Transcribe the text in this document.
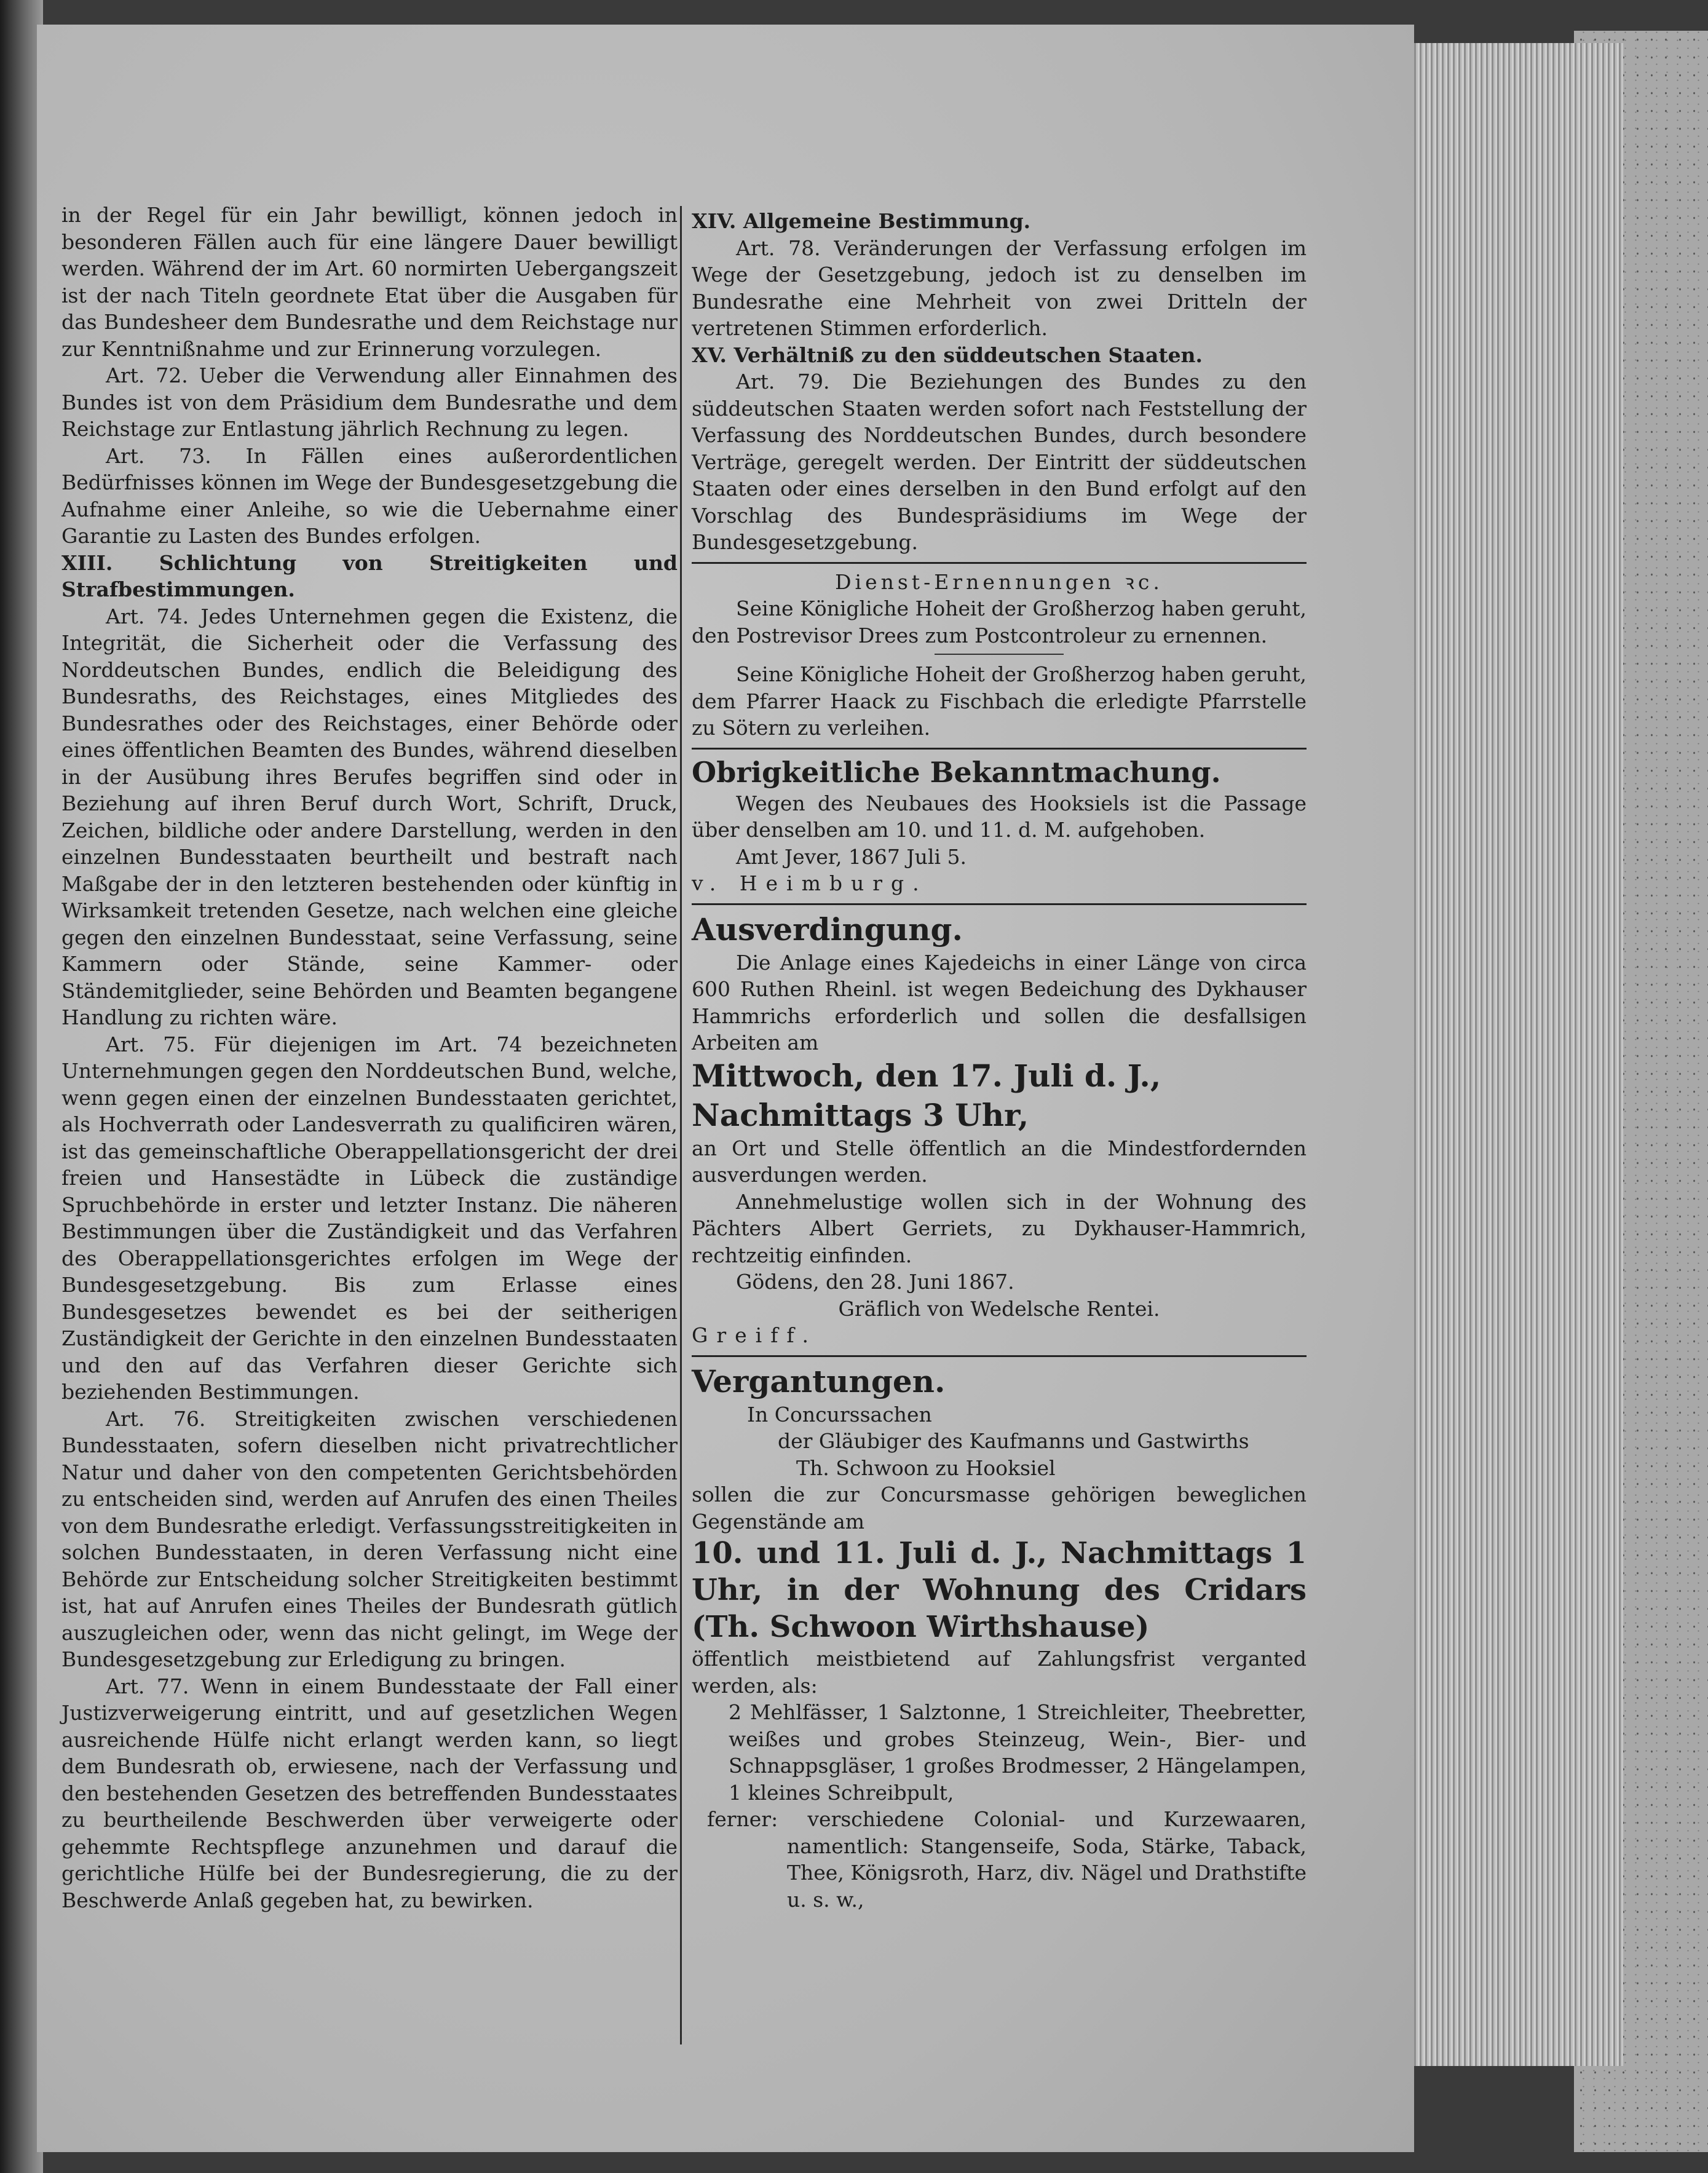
in der Regel für ein Jahr bewilligt, können jedoch in besonderen Fällen auch für eine längere Dauer bewilligt werden. Während der im Art. 60 normirten Uebergangszeit ist der nach Titeln geordnete Etat über die Ausgaben für das Bundesheer dem Bundesrathe und dem Reichstage nur zur Kenntnißnahme und zur Erinnerung vorzulegen.

Art. 72. Ueber die Verwendung aller Einnahmen des Bundes ist von dem Präsidium dem Bundesrathe und dem Reichstage zur Entlastung jährlich Rechnung zu legen.

Art. 73. In Fällen eines außerordentlichen Bedürfnisses können im Wege der Bundesgesetzgebung die Aufnahme einer Anleihe, so wie die Uebernahme einer Garantie zu Lasten des Bundes erfolgen.

XIII. Schlichtung von Streitigkeiten und Strafbestimmungen.

Art. 74. Jedes Unternehmen gegen die Existenz, die Integrität, die Sicherheit oder die Verfassung des Norddeutschen Bundes, endlich die Beleidigung des Bundesraths, des Reichstages, eines Mitgliedes des Bundesrathes oder des Reichstages, einer Behörde oder eines öffentlichen Beamten des Bundes, während dieselben in der Ausübung ihres Berufes begriffen sind oder in Beziehung auf ihren Beruf durch Wort, Schrift, Druck, Zeichen, bildliche oder andere Darstellung, werden in den einzelnen Bundesstaaten beurtheilt und bestraft nach Maßgabe der in den letzteren bestehenden oder künftig in Wirksamkeit tretenden Gesetze, nach welchen eine gleiche gegen den einzelnen Bundesstaat, seine Verfassung, seine Kammern oder Stände, seine Kammer- oder Ständemitglieder, seine Behörden und Beamten begangene Handlung zu richten wäre.

Art. 75. Für diejenigen im Art. 74 bezeichneten Unternehmungen gegen den Norddeutschen Bund, welche, wenn gegen einen der einzelnen Bundesstaaten gerichtet, als Hochverrath oder Landesverrath zu qualificiren wären, ist das gemeinschaftliche Oberappellationsgericht der drei freien und Hansestädte in Lübeck die zuständige Spruchbehörde in erster und letzter Instanz. Die näheren Bestimmungen über die Zuständigkeit und das Verfahren des Oberappellationsgerichtes erfolgen im Wege der Bundesgesetzgebung. Bis zum Erlasse eines Bundesgesetzes bewendet es bei der seitherigen Zuständigkeit der Gerichte in den einzelnen Bundesstaaten und den auf das Verfahren dieser Gerichte sich beziehenden Bestimmungen.

Art. 76. Streitigkeiten zwischen verschiedenen Bundesstaaten, sofern dieselben nicht privatrechtlicher Natur und daher von den competenten Gerichtsbehörden zu entscheiden sind, werden auf Anrufen des einen Theiles von dem Bundesrathe erledigt. Verfassungsstreitigkeiten in solchen Bundesstaaten, in deren Verfassung nicht eine Behörde zur Entscheidung solcher Streitigkeiten bestimmt ist, hat auf Anrufen eines Theiles der Bundesrath gütlich auszugleichen oder, wenn das nicht gelingt, im Wege der Bundesgesetzgebung zur Erledigung zu bringen.

Art. 77. Wenn in einem Bundesstaate der Fall einer Justizverweigerung eintritt, und auf gesetzlichen Wegen ausreichende Hülfe nicht erlangt werden kann, so liegt dem Bundesrath ob, erwiesene, nach der Verfassung und den bestehenden Gesetzen des betreffenden Bundesstaates zu beurtheilende Beschwerden über verweigerte oder gehemmte Rechtspflege anzunehmen und darauf die gerichtliche Hülfe bei der Bundesregierung, die zu der Beschwerde Anlaß gegeben hat, zu bewirken.

XIV. Allgemeine Bestimmung.

Art. 78. Veränderungen der Verfassung erfolgen im Wege der Gesetzgebung, jedoch ist zu denselben im Bundesrathe eine Mehrheit von zwei Dritteln der vertretenen Stimmen erforderlich.

XV. Verhältniß zu den süddeutschen Staaten.

Art. 79. Die Beziehungen des Bundes zu den süddeutschen Staaten werden sofort nach Feststellung der Verfassung des Norddeutschen Bundes, durch besondere Verträge, geregelt werden. Der Eintritt der süddeutschen Staaten oder eines derselben in den Bund erfolgt auf den Vorschlag des Bundespräsidiums im Wege der Bundesgesetzgebung.

Dienst-Ernennungen ꝛc.

Seine Königliche Hoheit der Großherzog haben geruht, den Postrevisor Drees zum Postcontroleur zu ernennen.

Seine Königliche Hoheit der Großherzog haben geruht, dem Pfarrer Haack zu Fischbach die erledigte Pfarrstelle zu Sötern zu verleihen.

Obrigkeitliche Bekanntmachung.

Wegen des Neubaues des Hooksiels ist die Passage über denselben am 10. und 11. d. M. aufgehoben.

Amt Jever, 1867 Juli 5.

v. Heimburg.

Ausverdingung.

Die Anlage eines Kajedeichs in einer Länge von circa 600 Ruthen Rheinl. ist wegen Bedeichung des Dykhauser Hammrichs erforderlich und sollen die desfallsigen Arbeiten am

Mittwoch, den 17. Juli d. J.,

Nachmittags 3 Uhr,

an Ort und Stelle öffentlich an die Mindestfordernden ausverdungen werden.

Annehmelustige wollen sich in der Wohnung des Pächters Albert Gerriets, zu Dykhauser-Hammrich, rechtzeitig einfinden.

Gödens, den 28. Juni 1867.

Gräflich von Wedelsche Rentei.

Greiff.

Vergantungen.

In Concurssachen

der Gläubiger des Kaufmanns und Gastwirths

Th. Schwoon zu Hooksiel

sollen die zur Concursmasse gehörigen beweglichen Gegenstände am

10. und 11. Juli d. J., Nachmittags 1 Uhr, in der Wohnung des Cridars (Th. Schwoon Wirthshause)

öffentlich meistbietend auf Zahlungsfrist verganted werden, als:

2 Mehlfässer, 1 Salztonne, 1 Streichleiter, Theebretter, weißes und grobes Steinzeug, Wein-, Bier- und Schnappsgläser, 1 großes Brodmesser, 2 Hängelampen, 1 kleines Schreibpult,

ferner: verschiedene Colonial- und Kurzewaaren, namentlich: Stangenseife, Soda, Stärke, Taback, Thee, Königsroth, Harz, div. Nägel und Drathstifte u. s. w.,
